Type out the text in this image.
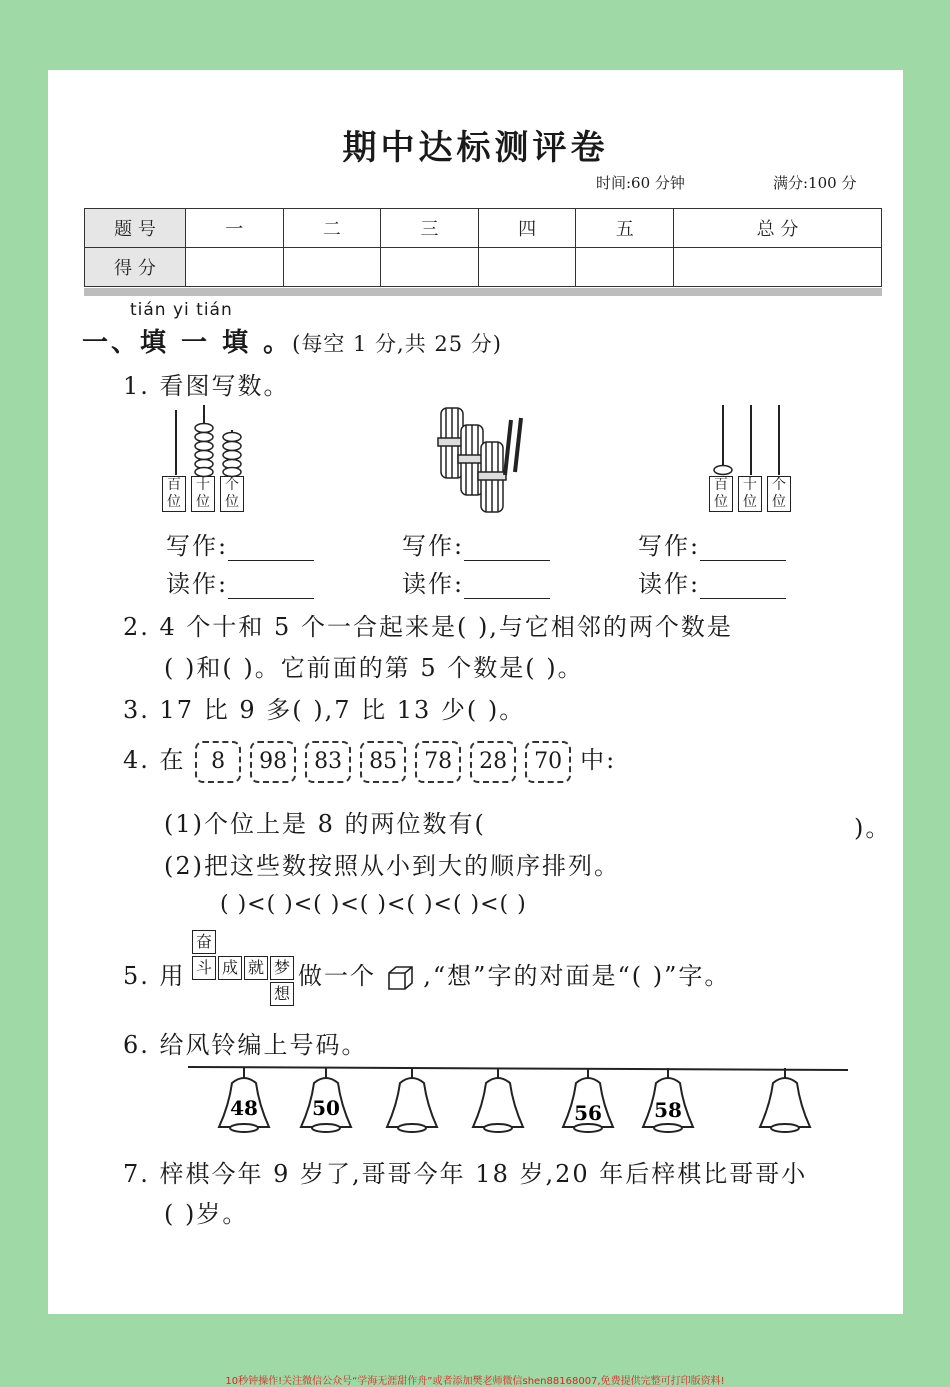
期中达标测评卷
时间:60 分钟	满分:100 分
题 号	一	二	三	四	五	总 分
得 分						
tián yi tián
一、填 一 填 。(每空 1 分,共 25 分)
1. 看图写数。
百位
十位
个位
百位
十位
个位
写作:
读作:
写作:
读作:
写作:
读作:
2. 4 个十和 5 个一合起来是( ),与它相邻的两个数是
( )和( )。它前面的第 5 个数是( )。
3. 17 比 9 多( ),7 比 13 少( )。
4. 在 8 98 83 85 78 28 70 中:
(1)个位上是 8 的两位数有(	)。
(2)把这些数按照从小到大的顺序排列。
( )<( )<( )<( )<( )<( )<( )
5. 用
奋
斗 成 就 梦
想
做一个 ,“想”字的对面是“( )”字。
6. 给风铃编上号码。
48	50	56	58
7. 梓棋今年 9 岁了,哥哥今年 18 岁,20 年后梓棋比哥哥小
( )岁。
10秒钟操作!关注微信公众号“学海无涯甜作舟”或者添加樊老师微信shen88168007,免费提供完整可打印版资料!
